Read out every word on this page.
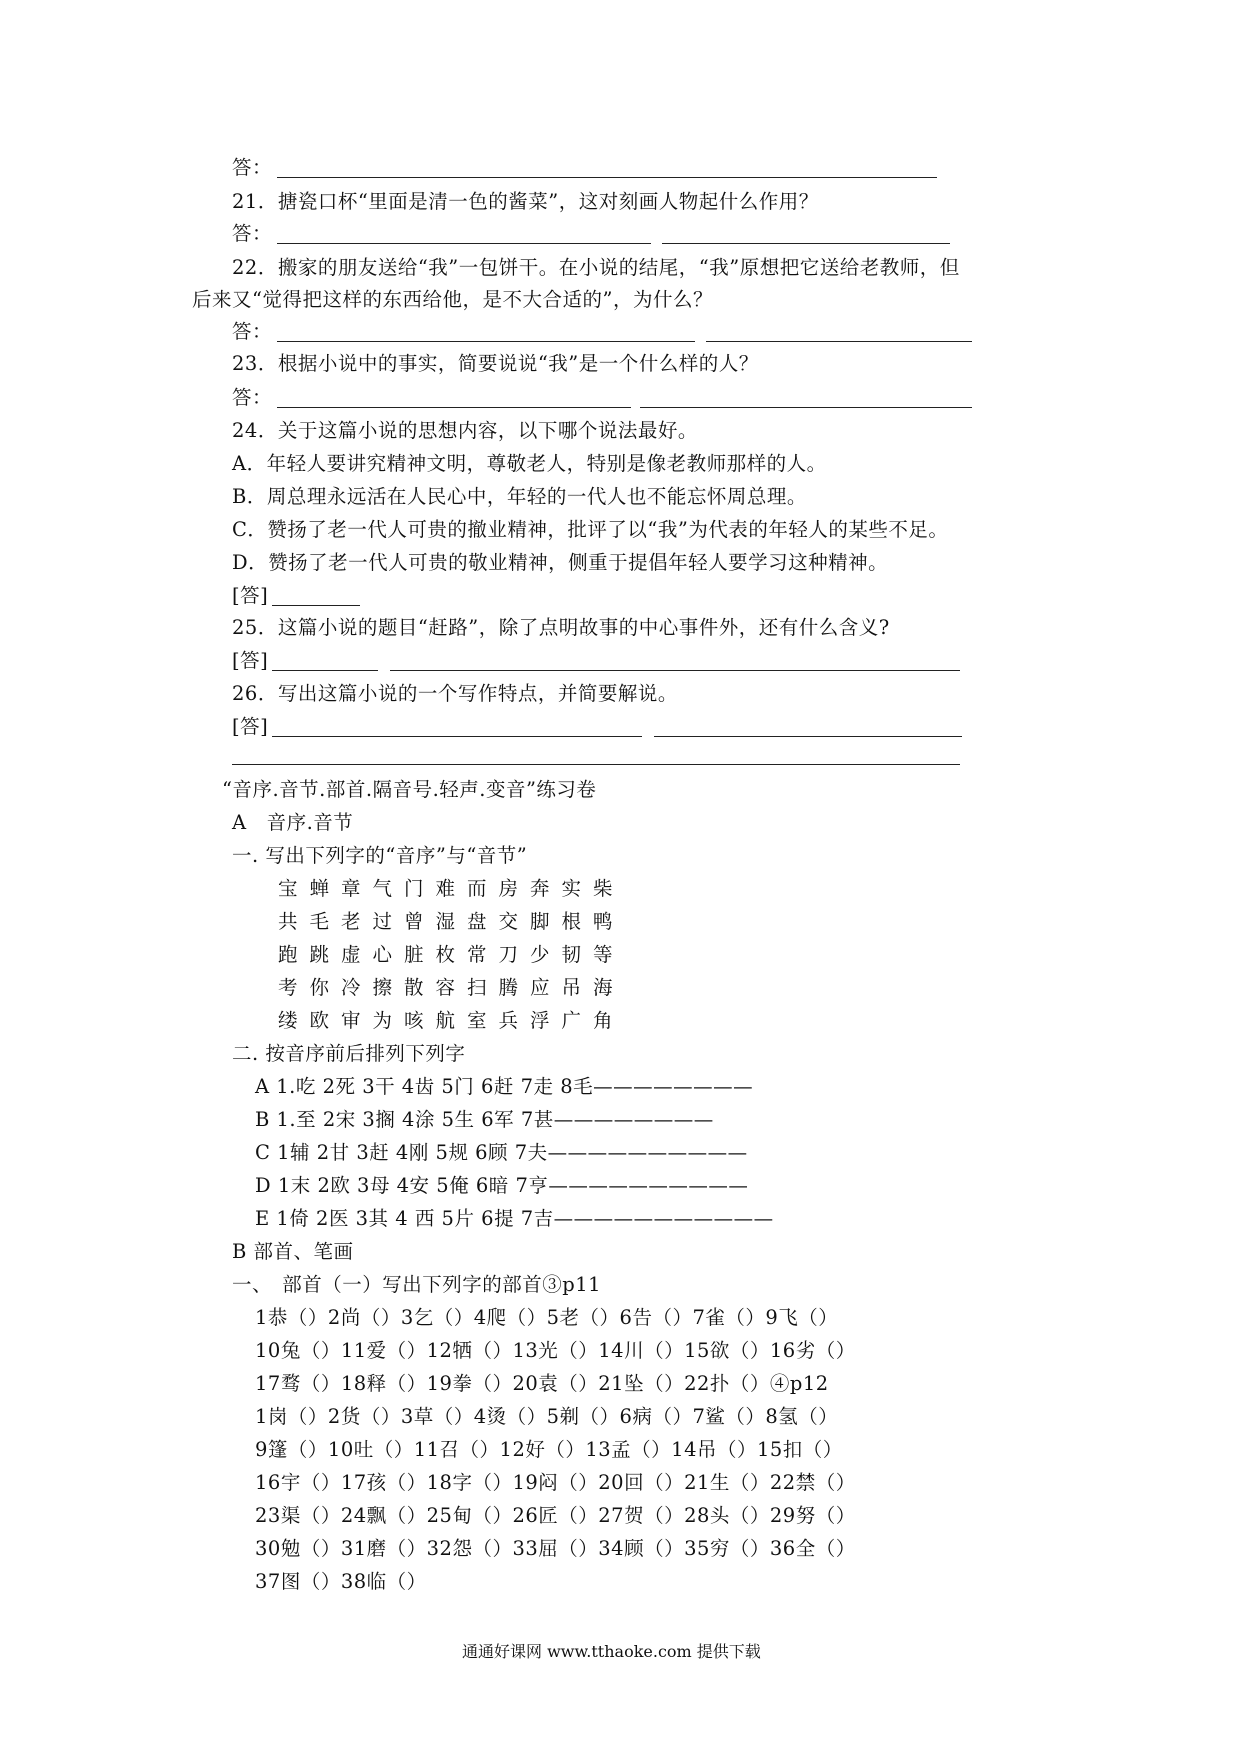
答：
21．搪瓷口杯“里面是清一色的酱菜”，这对刻画人物起什么作用？
答：
22．搬家的朋友送给“我”一包饼干。在小说的结尾，“我”原想把它送给老教师，但
后来又“觉得把这样的东西给他，是不大合适的”，为什么？
答：
23．根据小说中的事实，简要说说“我”是一个什么样的人？
答：
24．关于这篇小说的思想内容，以下哪个说法最好。
A．年轻人要讲究精神文明，尊敬老人，特别是像老教师那样的人。
B．周总理永远活在人民心中，年轻的一代人也不能忘怀周总理。
C．赞扬了老一代人可贵的撤业精神，批评了以“我”为代表的年轻人的某些不足。
D．赞扬了老一代人可贵的敬业精神，侧重于提倡年轻人要学习这种精神。
[答]
25．这篇小说的题目“赶路”，除了点明故事的中心事件外，还有什么含义?
[答]
26．写出这篇小说的一个写作特点，并简要解说。
[答]
“音序.音节.部首.隔音号.轻声.变音”练习卷
A　音序.音节
一. 写出下列字的“音序”与“音节”
宝蝉章气门难而房奔实柴
共毛老过曾湿盘交脚根鸭
跑跳虚心脏枚常刀少韧等
考你冷擦散容扫腾应吊海
缕欧审为咳航室兵浮广角
二. 按音序前后排列下列字
A 1.吃 2死 3干 4齿 5门 6赶 7走 8毛————————
B 1.至 2宋 3搁 4涂 5生 6军 7甚————————
C 1辅 2甘 3赶 4刚 5规 6顾 7夫——————————
D 1末 2欧 3母 4安 5俺 6暗 7亨——————————
E 1倚 2医 3其 4 西 5片 6提 7吉———————————
B 部首、笔画
一、　部首（一）写出下列字的部首③p11
1恭（）2尚（）3乞（）4爬（）5老（）6告（）7雀（）9飞（）
10兔（）11爱（）12牺（）13光（）14川（）15欲（）16劣（）
17骛（）18释（）19拳（）20袁（）21坠（）22扑（）④p12
1岗（）2货（）3草（）4烫（）5剃（）6病（）7鲨（）8氢（）
9篷（）10吐（）11召（）12好（）13孟（）14吊（）15扣（）
16宇（）17孩（）18字（）19闷（）20回（）21生（）22禁（）
23渠（）24飘（）25甸（）26匠（）27贺（）28头（）29努（）
30勉（）31磨（）32怨（）33屈（）34顾（）35穷（）36全（）
37图（）38临（）
通通好课网 www.tthaoke.com 提供下载
